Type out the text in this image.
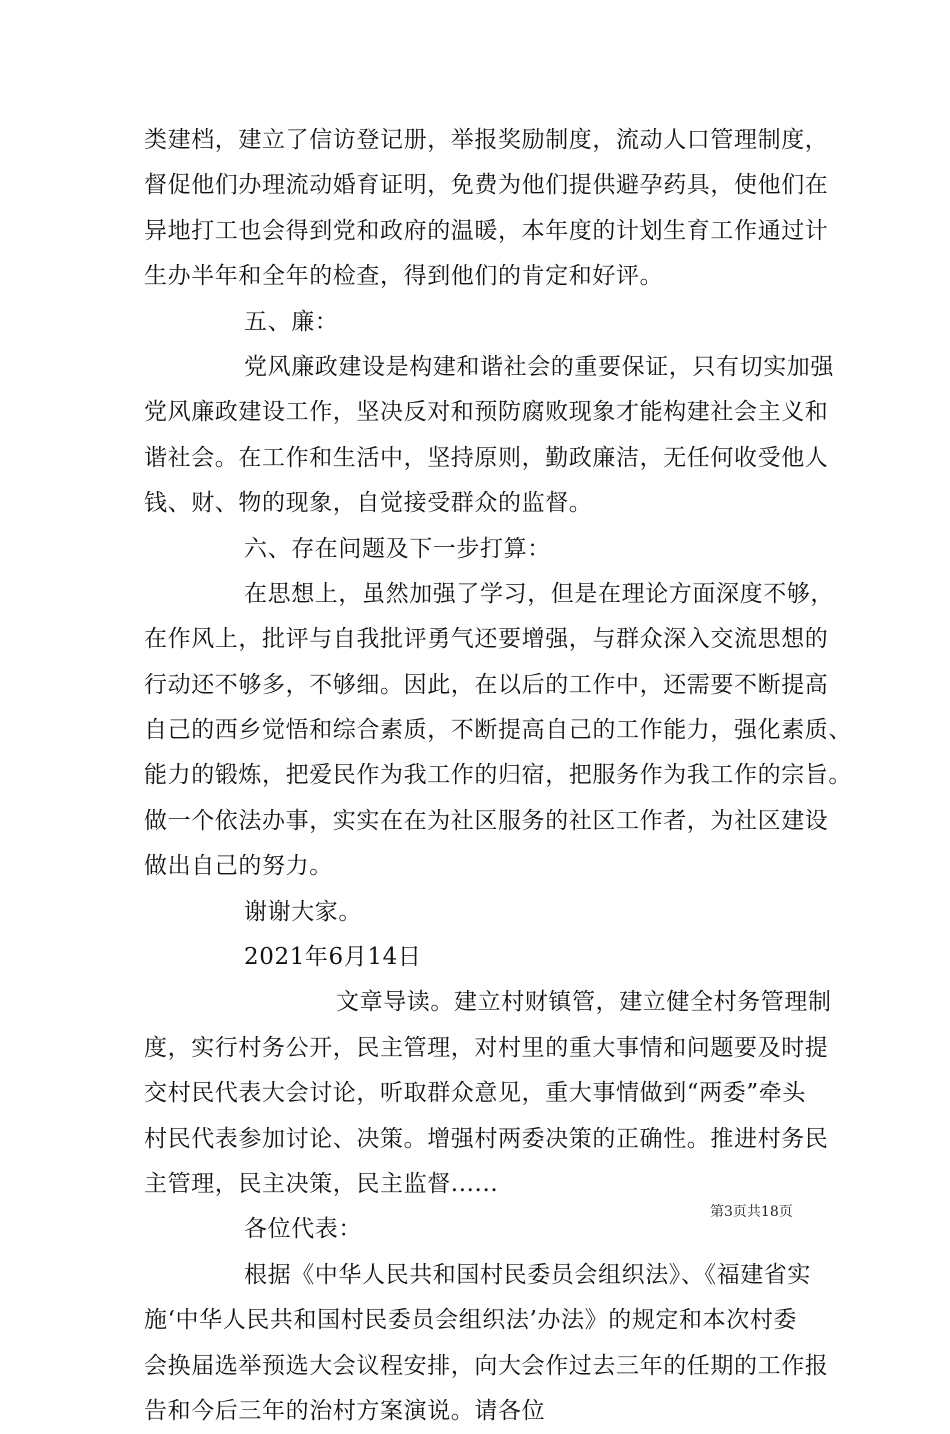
类建档，建立了信访登记册，举报奖励制度，流动人口管理制度，
督促他们办理流动婚育证明，免费为他们提供避孕药具，使他们在
异地打工也会得到党和政府的温暖，本年度的计划生育工作通过计
生办半年和全年的检查，得到他们的肯定和好评。
五、廉：
党风廉政建设是构建和谐社会的重要保证，只有切实加强
党风廉政建设工作，坚决反对和预防腐败现象才能构建社会主义和
谐社会。在工作和生活中，坚持原则，勤政廉洁，无任何收受他人
钱、财、物的现象，自觉接受群众的监督。
六、存在问题及下一步打算：
在思想上，虽然加强了学习，但是在理论方面深度不够，
在作风上，批评与自我批评勇气还要增强，与群众深入交流思想的
行动还不够多，不够细。因此，在以后的工作中，还需要不断提高
自己的西乡觉悟和综合素质，不断提高自己的工作能力，强化素质、
能力的锻炼，把爱民作为我工作的归宿，把服务作为我工作的宗旨。
做一个依法办事，实实在在为社区服务的社区工作者，为社区建设
做出自己的努力。
谢谢大家。
2021年6月14日
文章导读。建立村财镇管，建立健全村务管理制
度，实行村务公开，民主管理，对村里的重大事情和问题要及时提
交村民代表大会讨论，听取群众意见，重大事情做到“两委”牵头
村民代表参加讨论、决策。增强村两委决策的正确性。推进村务民
主管理，民主决策，民主监督......
各位代表：
根据《中华人民共和国村民委员会组织法》、《福建省实
施‘中华人民共和国村民委员会组织法’办法》的规定和本次村委
会换届选举预选大会议程安排，向大会作过去三年的任期的工作报
告和今后三年的治村方案演说。请各位
第3页共18页
